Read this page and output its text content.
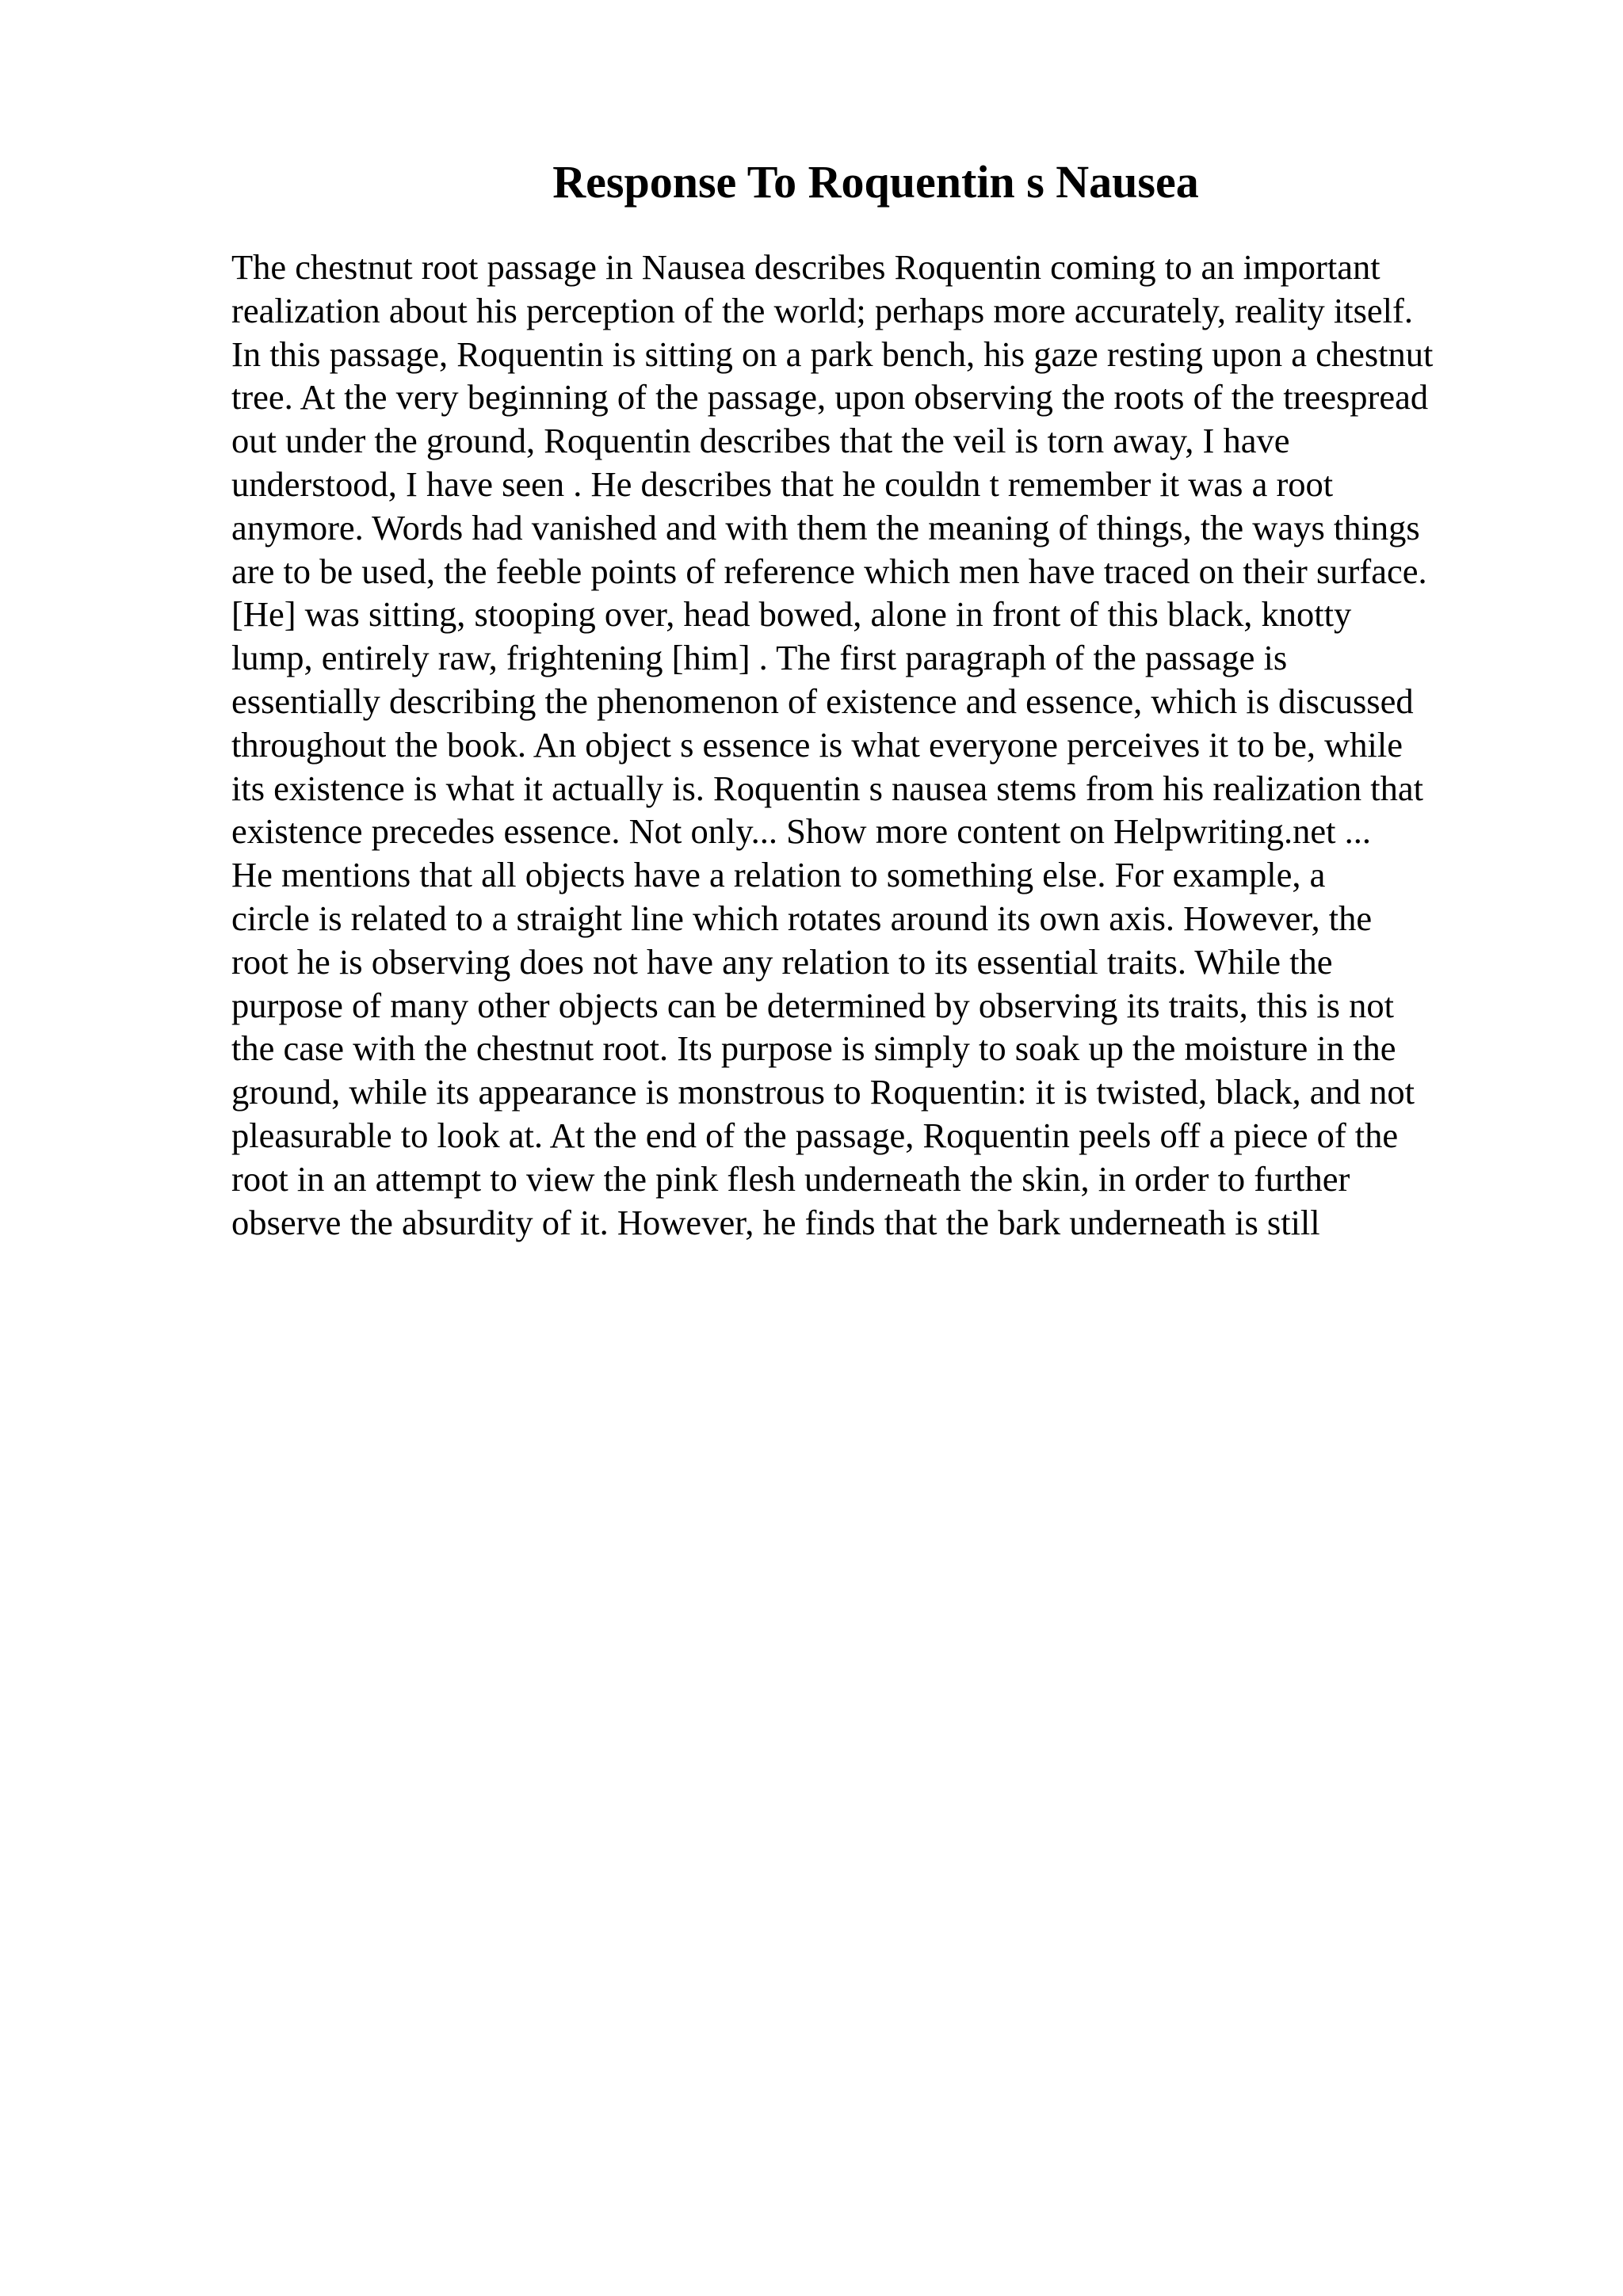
Response To Roquentin s Nausea
The chestnut root passage in Nausea describes Roquentin coming to an important
realization about his perception of the world; perhaps more accurately, reality itself.
In this passage, Roquentin is sitting on a park bench, his gaze resting upon a chestnut
tree. At the very beginning of the passage, upon observing the roots of the treespread
out under the ground, Roquentin describes that the veil is torn away, I have
understood, I have seen . He describes that he couldn t remember it was a root
anymore. Words had vanished and with them the meaning of things, the ways things
are to be used, the feeble points of reference which men have traced on their surface.
[He] was sitting, stooping over, head bowed, alone in front of this black, knotty
lump, entirely raw, frightening [him] . The first paragraph of the passage is
essentially describing the phenomenon of existence and essence, which is discussed
throughout the book. An object s essence is what everyone perceives it to be, while
its existence is what it actually is. Roquentin s nausea stems from his realization that
existence precedes essence. Not only... Show more content on Helpwriting.net ...
He mentions that all objects have a relation to something else. For example, a
circle is related to a straight line which rotates around its own axis. However, the
root he is observing does not have any relation to its essential traits. While the
purpose of many other objects can be determined by observing its traits, this is not
the case with the chestnut root. Its purpose is simply to soak up the moisture in the
ground, while its appearance is monstrous to Roquentin: it is twisted, black, and not
pleasurable to look at. At the end of the passage, Roquentin peels off a piece of the
root in an attempt to view the pink flesh underneath the skin, in order to further
observe the absurdity of it. However, he finds that the bark underneath is still
